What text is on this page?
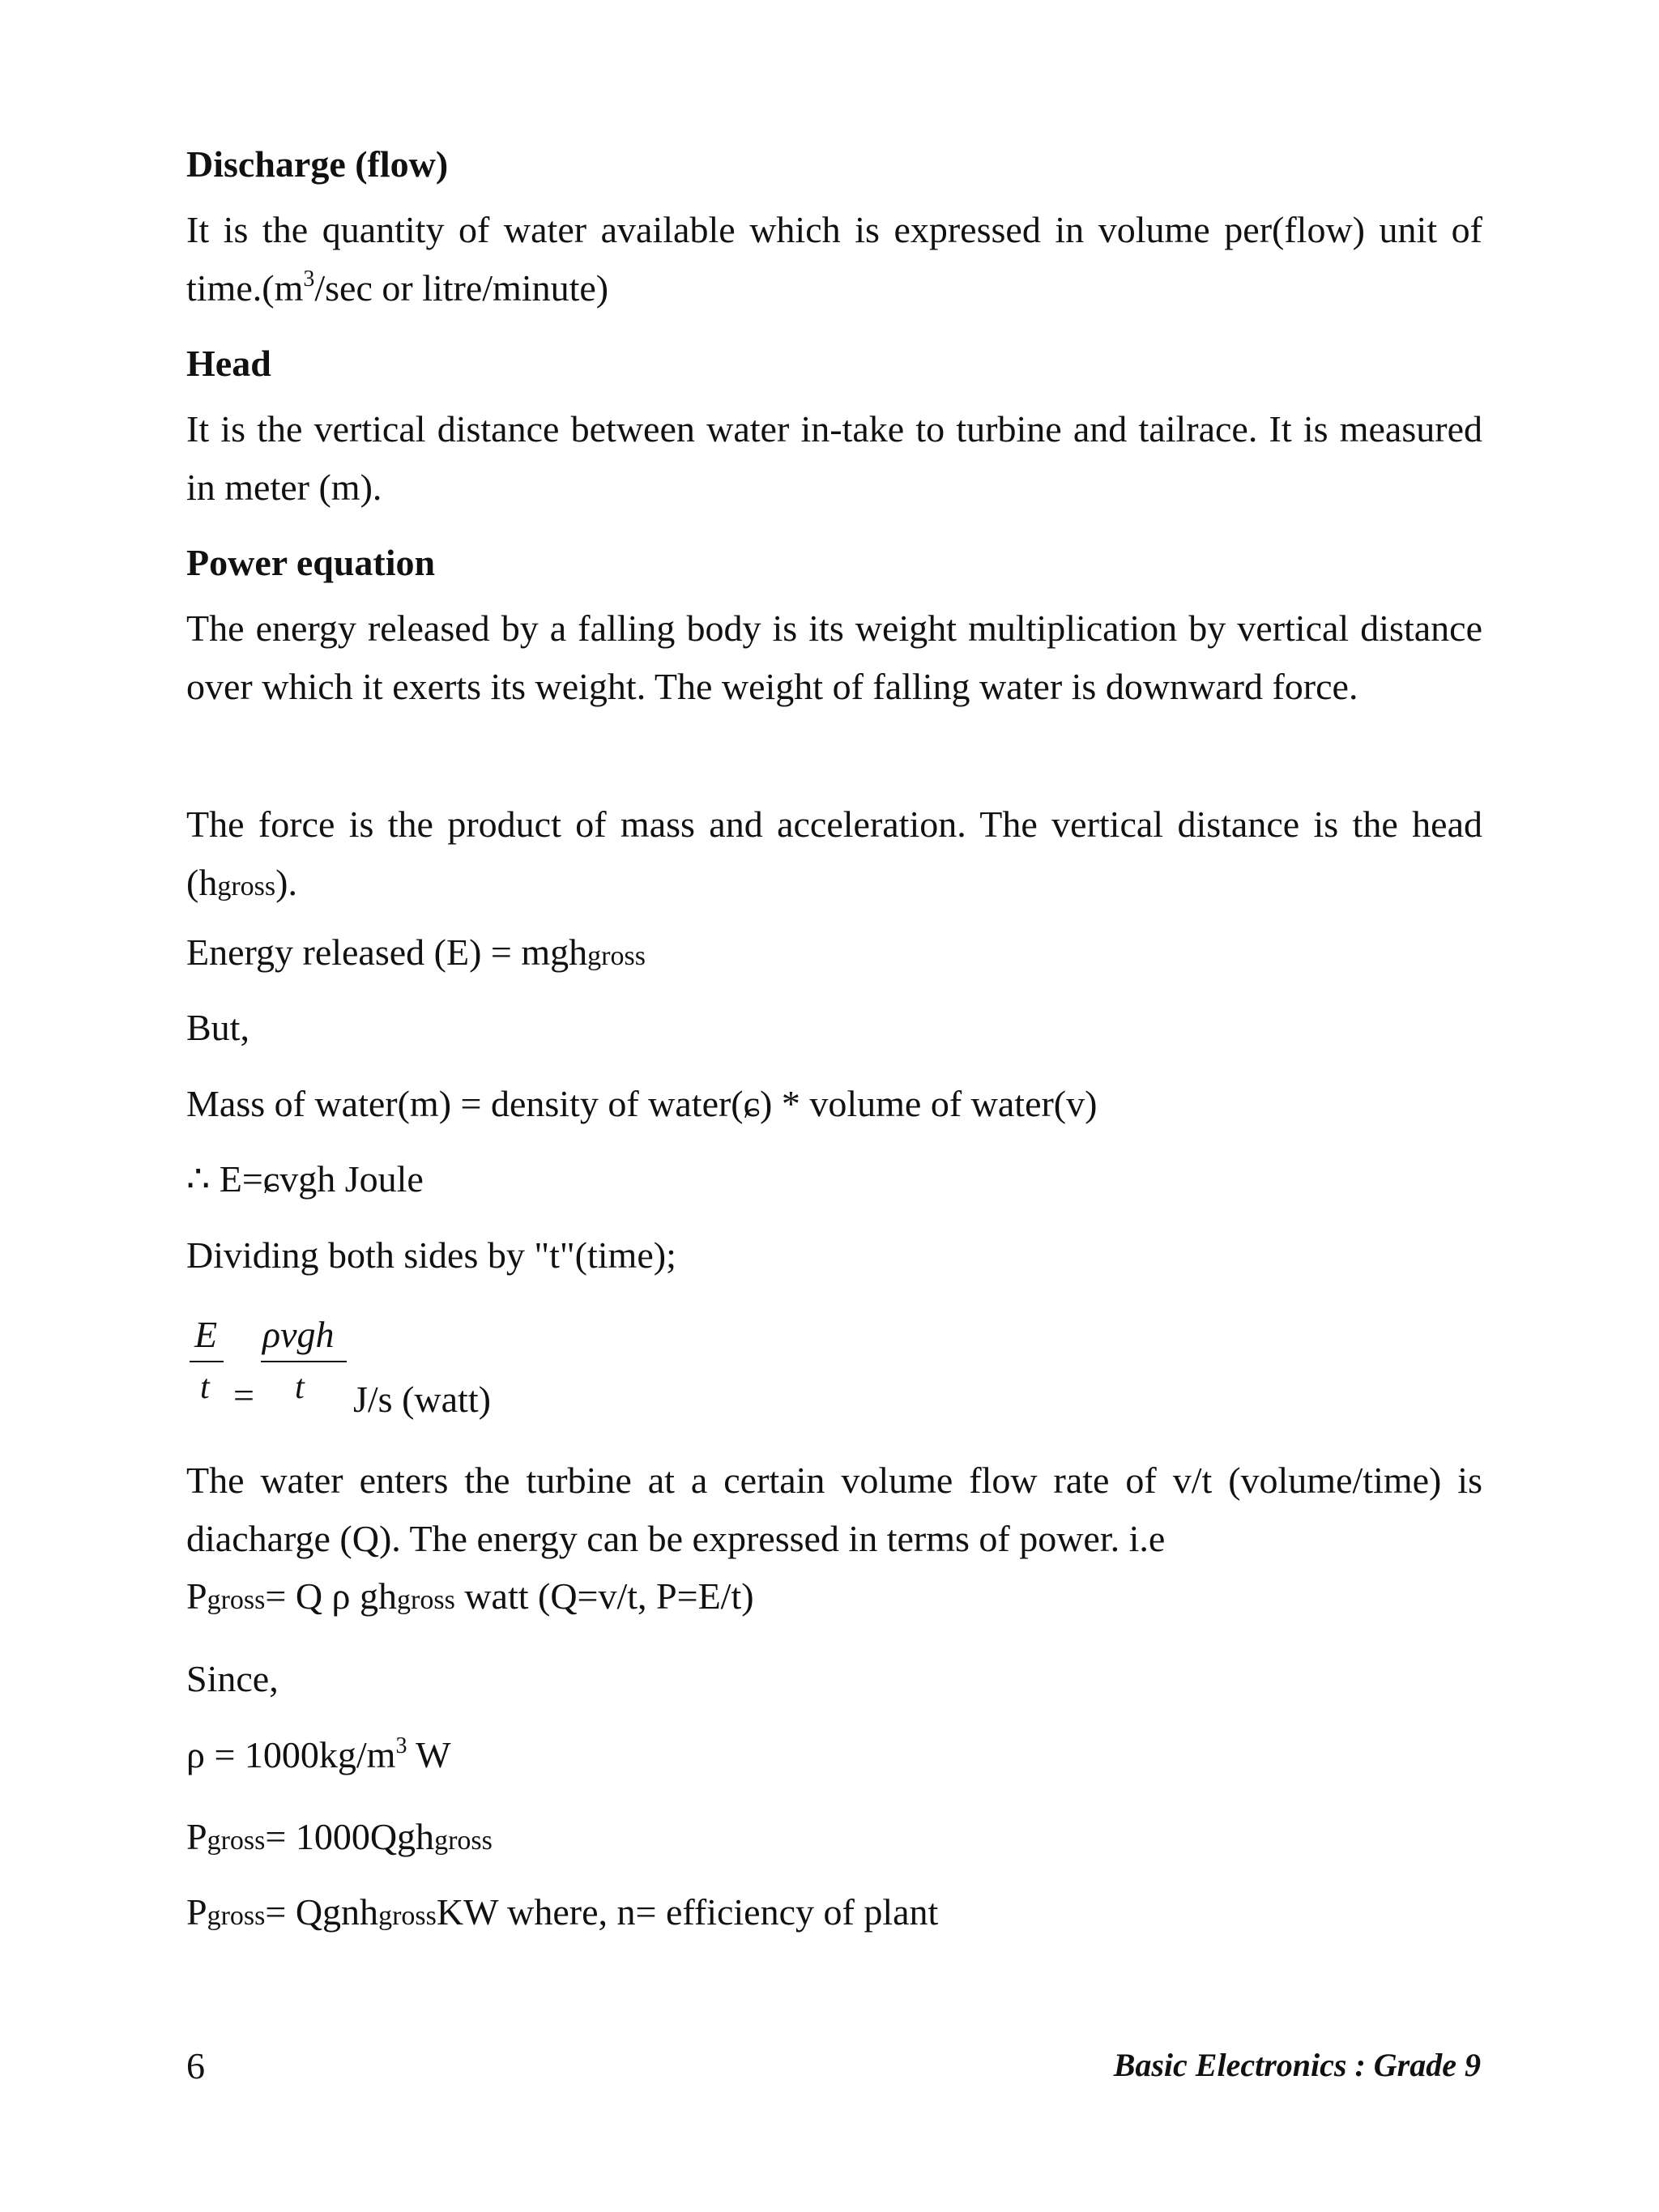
Discharge (flow)
It is the quantity of water available which is expressed in volume per(flow) unit of $time.(m^3/\sec$ or litre/minute)
Head
It is the vertical distance between water in-take to turbine and tailrace. It is measured in meter (m).
Power equation
The energy released by a falling body is its weight multiplication by vertical distance over which it exerts its weight. The weight of falling water is downward force.
The force is the product of mass and acceleration. The vertical distance is the head (hgross).
Energy released (E) = mghgross
But,
Mass of water(m) = density of water(ɕ) * volume of water(v)
∴ E=ɕvgh Joule
Dividing both sides by "t"(time);
E
t =
ρvgh
t J/s (watt)
The water enters the turbine at a certain volume flow rate of v/t (volume/time) is diacharge (Q). The energy can be expressed in terms of power. i.e
Pgross= Q ρ ghgross watt (Q=v/t, P=E/t)
Since,
$\rho = 1000kg/m^3$ W
Pgross= 1000Qghgross
Pgross= QgnhgrossKW where, n= efficiency of plant
6	Basic Electronics : Grade 9
